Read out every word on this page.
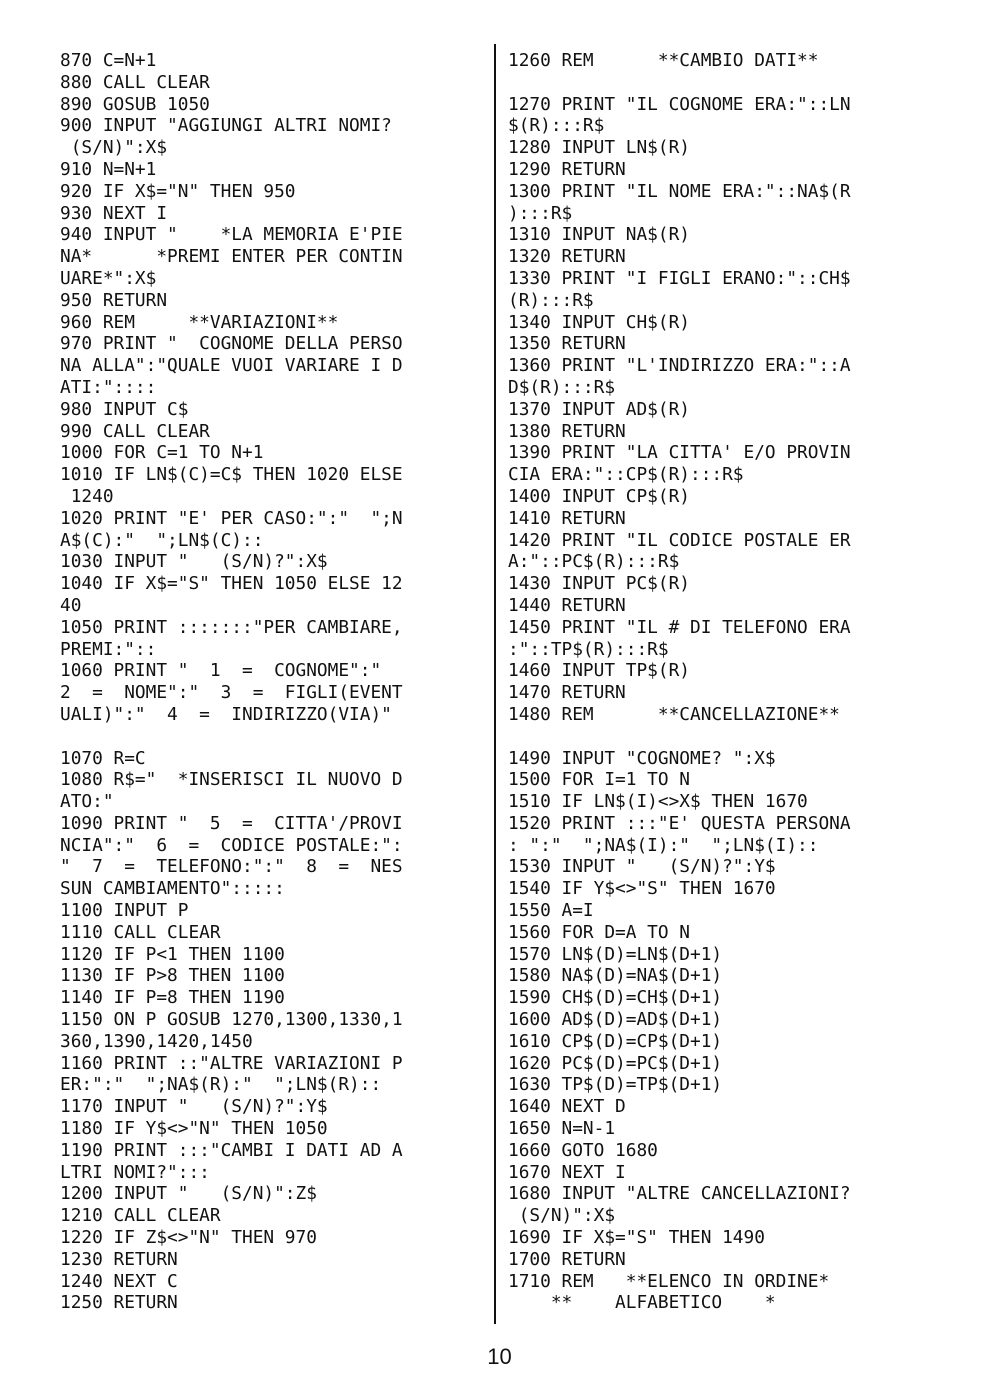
870 C=N+1
880 CALL CLEAR
890 GOSUB 1050
900 INPUT "AGGIUNGI ALTRI NOMI?
(S/N)":X$
910 N=N+1
920 IF X$="N" THEN 950
930 NEXT I
940 INPUT "    *LA MEMORIA E'PIE
NA*      *PREMI ENTER PER CONTIN
UARE*":X$
950 RETURN
960 REM     **VARIAZIONI**
970 PRINT "  COGNOME DELLA PERSO
NA ALLA":"QUALE VUOI VARIARE I D
ATI:"::::
980 INPUT C$
990 CALL CLEAR
1000 FOR C=1 TO N+1
1010 IF LN$(C)=C$ THEN 1020 ELSE
1240
1020 PRINT "E' PER CASO:":"  ";N
A$(C):"  ";LN$(C)::
1030 INPUT "   (S/N)?":X$
1040 IF X$="S" THEN 1050 ELSE 12
40
1050 PRINT :::::::"PER CAMBIARE,
PREMI:"::
1060 PRINT "  1  =  COGNOME":"
2  =  NOME":"  3  =  FIGLI(EVENT
UALI)":"  4  =  INDIRIZZO(VIA)"
1070 R=C
1080 R$="  *INSERISCI IL NUOVO D
ATO:"
1090 PRINT "  5  =  CITTA'/PROVI
NCIA":"  6  =  CODICE POSTALE:":
"  7  =  TELEFONO:":"  8  =  NES
SUN CAMBIAMENTO":::::
1100 INPUT P
1110 CALL CLEAR
1120 IF P<1 THEN 1100
1130 IF P>8 THEN 1100
1140 IF P=8 THEN 1190
1150 ON P GOSUB 1270,1300,1330,1
360,1390,1420,1450
1160 PRINT ::"ALTRE VARIAZIONI P
ER:":"  ";NA$(R):"  ";LN$(R)::
1170 INPUT "   (S/N)?":Y$
1180 IF Y$<>"N" THEN 1050
1190 PRINT :::"CAMBI I DATI AD A
LTRI NOMI?":::
1200 INPUT "   (S/N)":Z$
1210 CALL CLEAR
1220 IF Z$<>"N" THEN 970
1230 RETURN
1240 NEXT C
1250 RETURN
1260 REM      **CAMBIO DATI**
1270 PRINT "IL COGNOME ERA:"::LN
$(R):::R$
1280 INPUT LN$(R)
1290 RETURN
1300 PRINT "IL NOME ERA:"::NA$(R
):::R$
1310 INPUT NA$(R)
1320 RETURN
1330 PRINT "I FIGLI ERANO:"::CH$
(R):::R$
1340 INPUT CH$(R)
1350 RETURN
1360 PRINT "L'INDIRIZZO ERA:"::A
D$(R):::R$
1370 INPUT AD$(R)
1380 RETURN
1390 PRINT "LA CITTA' E/O PROVIN
CIA ERA:"::CP$(R):::R$
1400 INPUT CP$(R)
1410 RETURN
1420 PRINT "IL CODICE POSTALE ER
A:"::PC$(R):::R$
1430 INPUT PC$(R)
1440 RETURN
1450 PRINT "IL # DI TELEFONO ERA
:"::TP$(R):::R$
1460 INPUT TP$(R)
1470 RETURN
1480 REM      **CANCELLAZIONE**
1490 INPUT "COGNOME? ":X$
1500 FOR I=1 TO N
1510 IF LN$(I)<>X$ THEN 1670
1520 PRINT :::"E' QUESTA PERSONA
: ":"  ";NA$(I):"  ";LN$(I)::
1530 INPUT "   (S/N)?":Y$
1540 IF Y$<>"S" THEN 1670
1550 A=I
1560 FOR D=A TO N
1570 LN$(D)=LN$(D+1)
1580 NA$(D)=NA$(D+1)
1590 CH$(D)=CH$(D+1)
1600 AD$(D)=AD$(D+1)
1610 CP$(D)=CP$(D+1)
1620 PC$(D)=PC$(D+1)
1630 TP$(D)=TP$(D+1)
1640 NEXT D
1650 N=N-1
1660 GOTO 1680
1670 NEXT I
1680 INPUT "ALTRE CANCELLAZIONI?
(S/N)":X$
1690 IF X$="S" THEN 1490
1700 RETURN
1710 REM   **ELENCO IN ORDINE*
**    ALFABETICO    *
10
